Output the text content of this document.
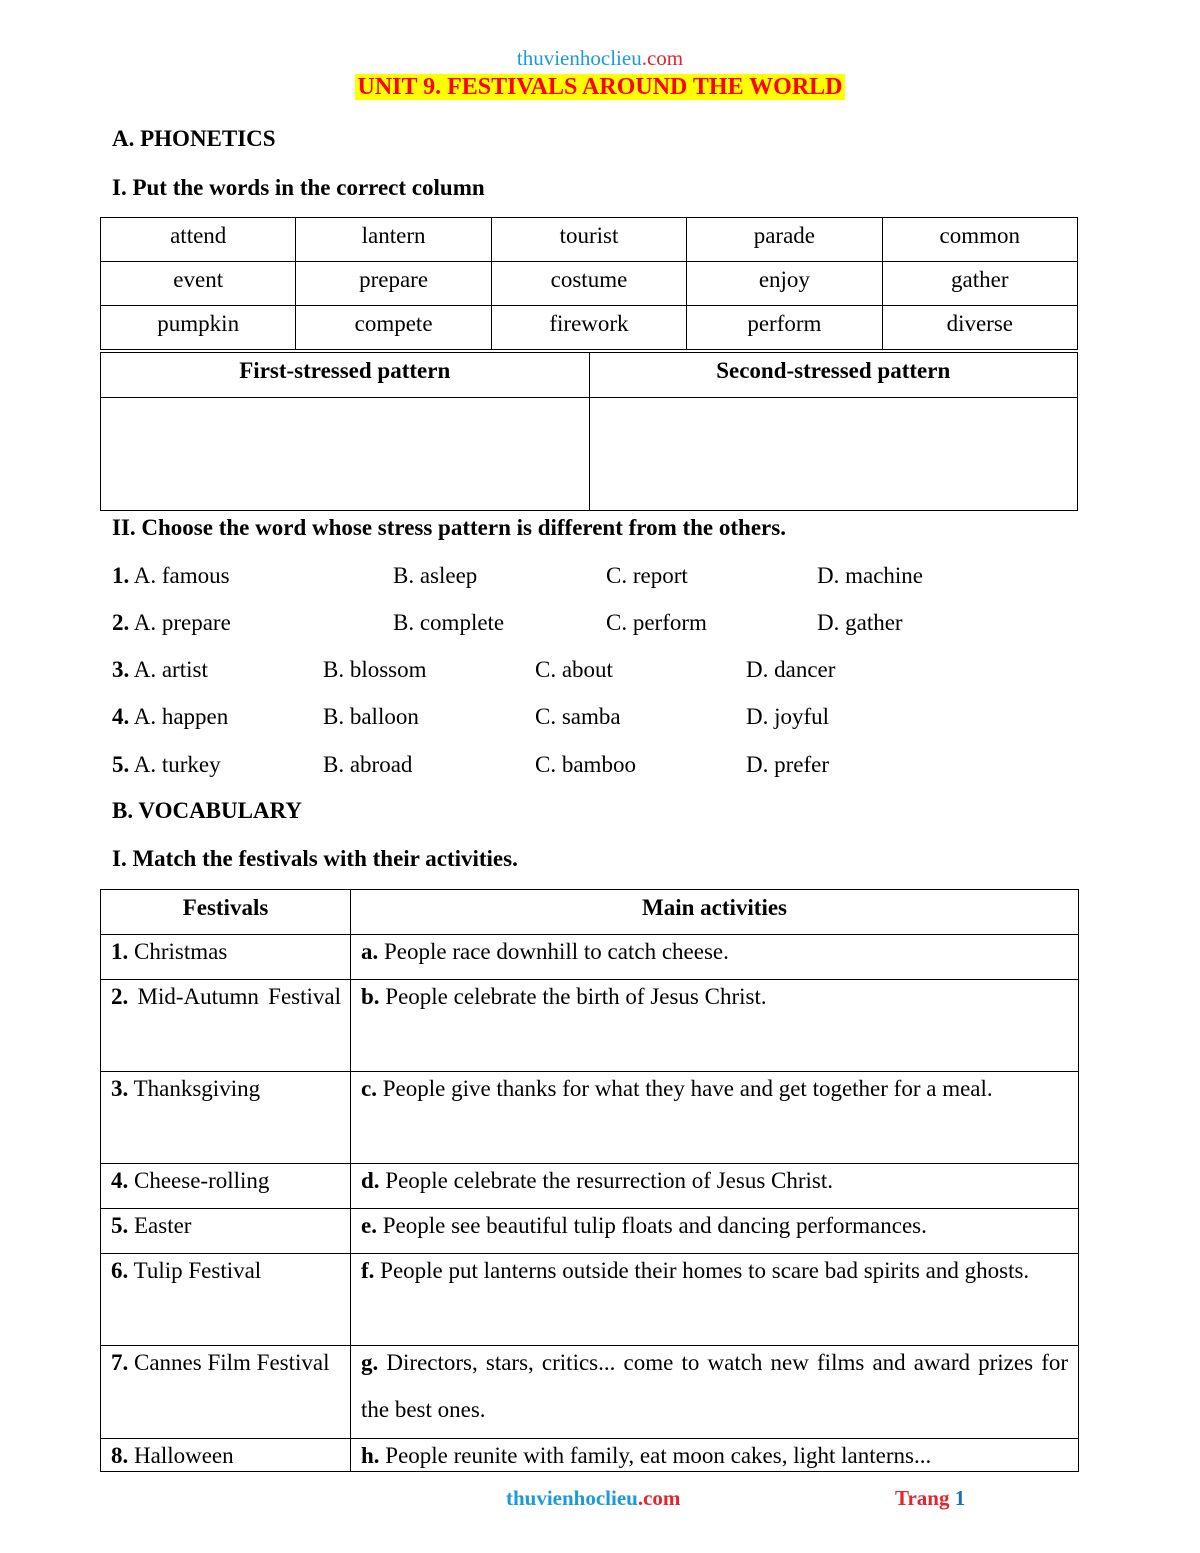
thuvienhoclieu.com
UNIT 9. FESTIVALS AROUND THE WORLD
A. PHONETICS
I. Put the words in the correct column
attend	lantern	tourist	parade	common
event	prepare	costume	enjoy	gather
pumpkin	compete	firework	perform	diverse
First-stressed pattern	Second-stressed pattern

II. Choose the word whose stress pattern is different from the others.
1. A. famous	B. asleep	C. report	D. machine
2. A. prepare	B. complete	C. perform	D. gather
3. A. artist	B. blossom	C. about	D. dancer
4. A. happen	B. balloon	C. samba	D. joyful
5. A. turkey	B. abroad	C. bamboo	D. prefer
B. VOCABULARY
I. Match the festivals with their activities.
Festivals	Main activities

1. Christmas	a. People race downhill to catch cheese.

2. Mid-Autumn Festival	b. People celebrate the birth of Jesus Christ.

3. Thanksgiving	c. People give thanks for what they have and get together for a meal.

4. Cheese-rolling	d. People celebrate the resurrection of Jesus Christ.

5. Easter	e. People see beautiful tulip floats and dancing performances.

6. Tulip Festival	f. People put lanterns outside their homes to scare bad spirits and ghosts.

7. Cannes Film Festival	g. Directors, stars, critics... come to watch new films and award prizes for the best ones.

8. Halloween	h. People reunite with family, eat moon cakes, light lanterns...
thuvienhoclieu.com	Trang 1
